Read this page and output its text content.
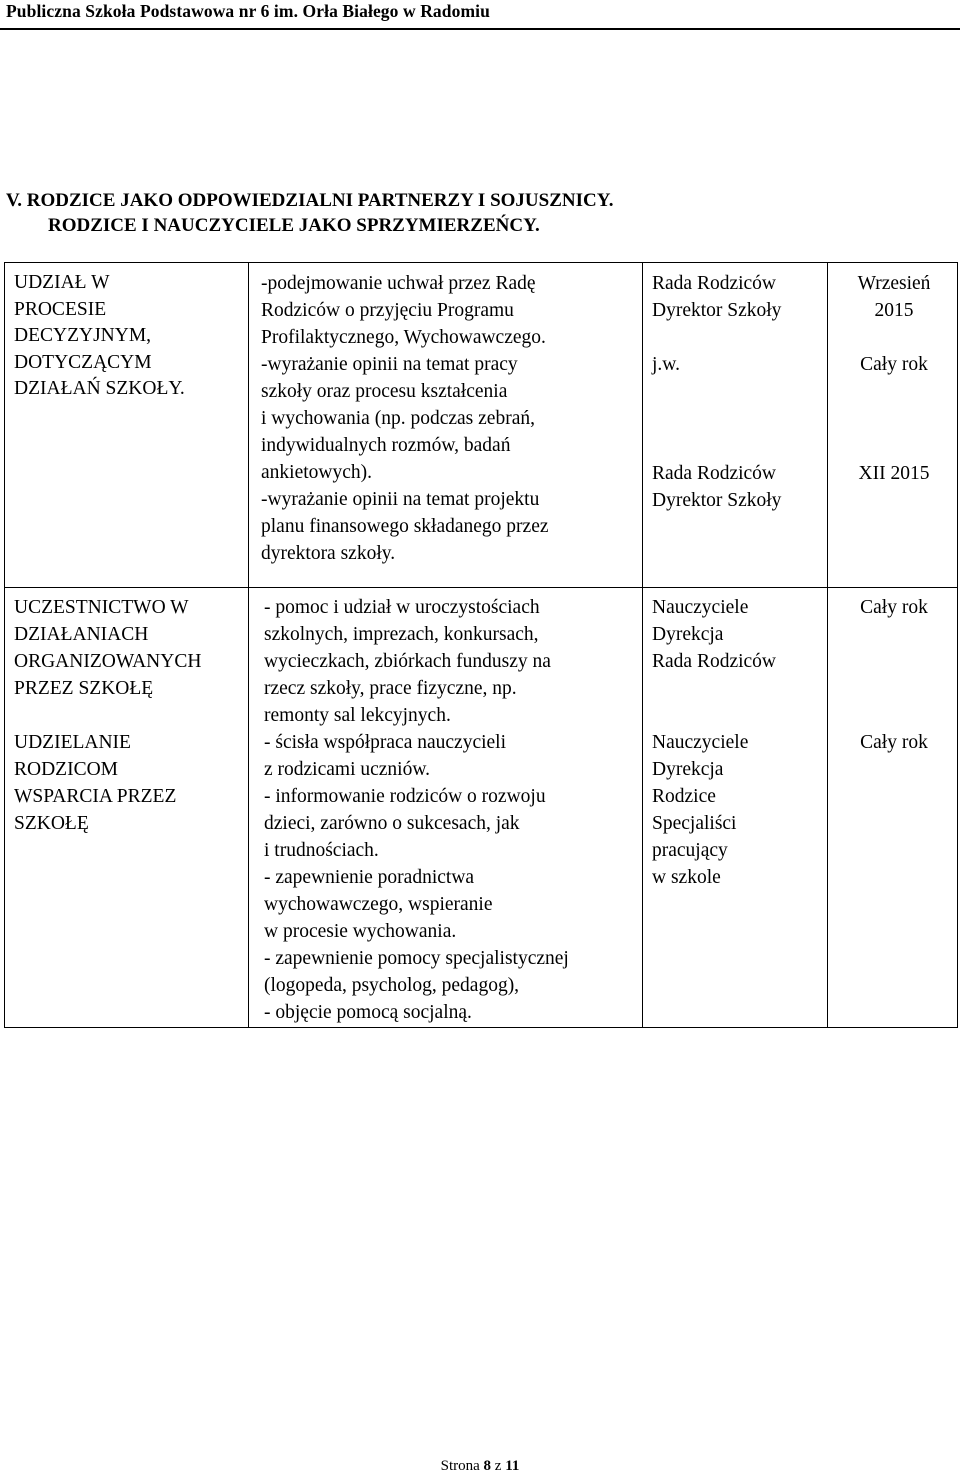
Publiczna Szkoła Podstawowa nr 6 im. Orła Białego w Radomiu
V. RODZICE JAKO ODPOWIEDZIALNI PARTNERZY I SOJUSZNICY.
RODZICE I NAUCZYCIELE JAKO SPRZYMIERZEŃCY.
UDZIAŁ W
PROCESIE
DECYZYJNYM,
DOTYCZĄCYM
DZIAŁAŃ SZKOŁY.
-podejmowanie uchwał przez Radę
Rodziców o przyjęciu Programu
Profilaktycznego, Wychowawczego.
-wyrażanie opinii na temat pracy
szkoły oraz procesu kształcenia
i wychowania (np. podczas zebrań,
indywidualnych rozmów, badań
ankietowych).
-wyrażanie opinii na temat projektu
planu finansowego składanego przez
dyrektora szkoły.
Rada Rodziców
Dyrektor Szkoły
j.w.
Rada Rodziców
Dyrektor Szkoły
Wrzesień
2015
Cały rok
XII 2015
UCZESTNICTWO W
DZIAŁANIACH
ORGANIZOWANYCH
PRZEZ SZKOŁĘ
UDZIELANIE
RODZICOM
WSPARCIA PRZEZ
SZKOŁĘ
- pomoc i udział w uroczystościach
szkolnych, imprezach, konkursach,
wycieczkach, zbiórkach funduszy na
rzecz szkoły, prace fizyczne, np.
remonty sal lekcyjnych.
- ścisła współpraca nauczycieli
z rodzicami uczniów.
- informowanie rodziców o rozwoju
dzieci, zarówno o sukcesach, jak
i trudnościach.
- zapewnienie poradnictwa
wychowawczego, wspieranie
w procesie wychowania.
- zapewnienie pomocy specjalistycznej
(logopeda, psycholog, pedagog),
- objęcie pomocą socjalną.
Nauczyciele
Dyrekcja
Rada Rodziców
Nauczyciele
Dyrekcja
Rodzice
Specjaliści
pracujący
w szkole
Cały rok
Cały rok
Strona 8 z 11
